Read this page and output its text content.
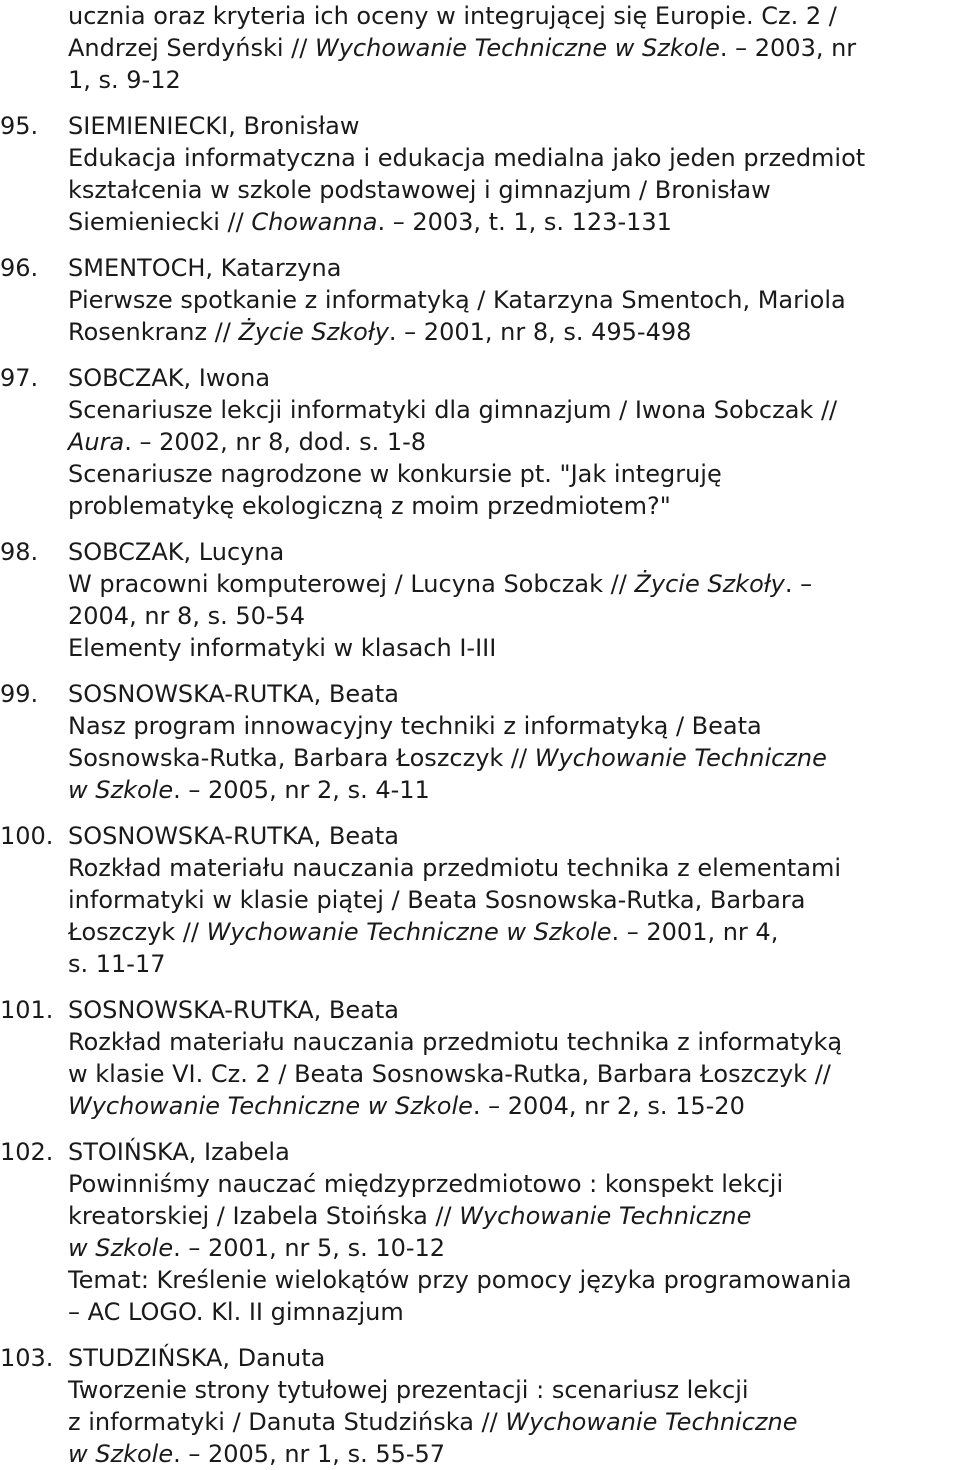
ucznia oraz kryteria ich oceny w integrującej się Europie. Cz. 2 /
Andrzej Serdyński // Wychowanie Techniczne w Szkole. – 2003, nr
1, s. 9-12
95. SIEMIENIECKI, Bronisław
Edukacja informatyczna i edukacja medialna jako jeden przedmiot
kształcenia w szkole podstawowej i gimnazjum / Bronisław
Siemieniecki // Chowanna. – 2003, t. 1, s. 123-131
96. SMENTOCH, Katarzyna
Pierwsze spotkanie z informatyką / Katarzyna Smentoch, Mariola
Rosenkranz // Życie Szkoły. – 2001, nr 8, s. 495-498
97. SOBCZAK, Iwona
Scenariusze lekcji informatyki dla gimnazjum / Iwona Sobczak //
Aura. – 2002, nr 8, dod. s. 1-8
Scenariusze nagrodzone w konkursie pt. "Jak integruję
problematykę ekologiczną z moim przedmiotem?"
98. SOBCZAK, Lucyna
W pracowni komputerowej / Lucyna Sobczak // Życie Szkoły. –
2004, nr 8, s. 50-54
Elementy informatyki w klasach I-III
99. SOSNOWSKA-RUTKA, Beata
Nasz program innowacyjny techniki z informatyką / Beata
Sosnowska-Rutka, Barbara Łoszczyk // Wychowanie Techniczne
w Szkole. – 2005, nr 2, s. 4-11
100. SOSNOWSKA-RUTKA, Beata
Rozkład materiału nauczania przedmiotu technika z elementami
informatyki w klasie piątej / Beata Sosnowska-Rutka, Barbara
Łoszczyk // Wychowanie Techniczne w Szkole. – 2001, nr 4,
s. 11-17
101. SOSNOWSKA-RUTKA, Beata
Rozkład materiału nauczania przedmiotu technika z informatyką
w klasie VI. Cz. 2 / Beata Sosnowska-Rutka, Barbara Łoszczyk //
Wychowanie Techniczne w Szkole. – 2004, nr 2, s. 15-20
102. STOIŃSKA, Izabela
Powinniśmy nauczać międzyprzedmiotowo : konspekt lekcji
kreatorskiej / Izabela Stoińska // Wychowanie Techniczne
w Szkole. – 2001, nr 5, s. 10-12
Temat: Kreślenie wielokątów przy pomocy języka programowania
– AC LOGO. Kl. II gimnazjum
103. STUDZIŃSKA, Danuta
Tworzenie strony tytułowej prezentacji : scenariusz lekcji
z informatyki / Danuta Studzińska // Wychowanie Techniczne
w Szkole. – 2005, nr 1, s. 55-57
